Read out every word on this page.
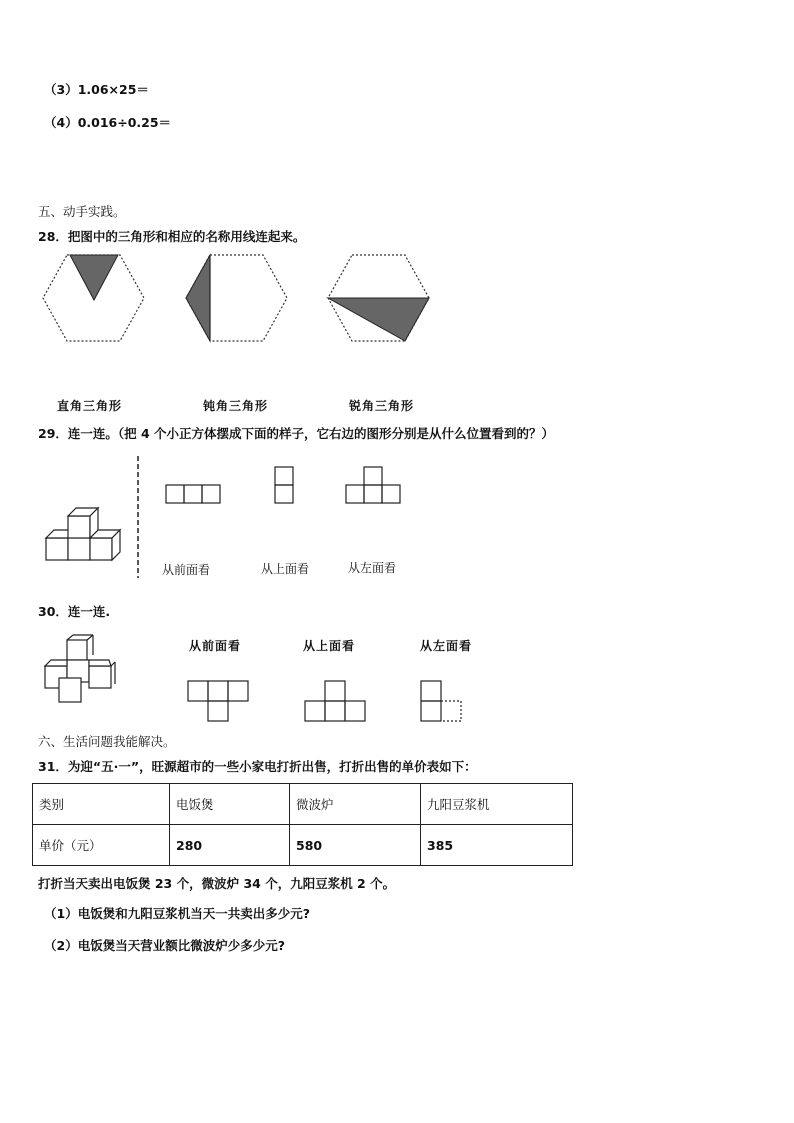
（3）1.06×25＝
（4）0.016÷0.25＝
五、动手实践。
28．把图中的三角形和相应的名称用线连起来。
直角三角形	钝角三角形	锐角三角形
29．连一连。（把 4 个小正方体摆成下面的样子，它右边的图形分别是从什么位置看到的？）
从前面看	从上面看	从左面看
30．连一连.
从前面看	从上面看	从左面看
六、生活问题我能解决。
31．为迎“五·一”，旺源超市的一些小家电打折出售，打折出售的单价表如下：
类别	电饭煲	微波炉	九阳豆浆机
单价（元）	280	580	385
打折当天卖出电饭煲 23 个，微波炉 34 个，九阳豆浆机 2 个。
（1）电饭煲和九阳豆浆机当天一共卖出多少元?
（2）电饭煲当天营业额比微波炉少多少元?
